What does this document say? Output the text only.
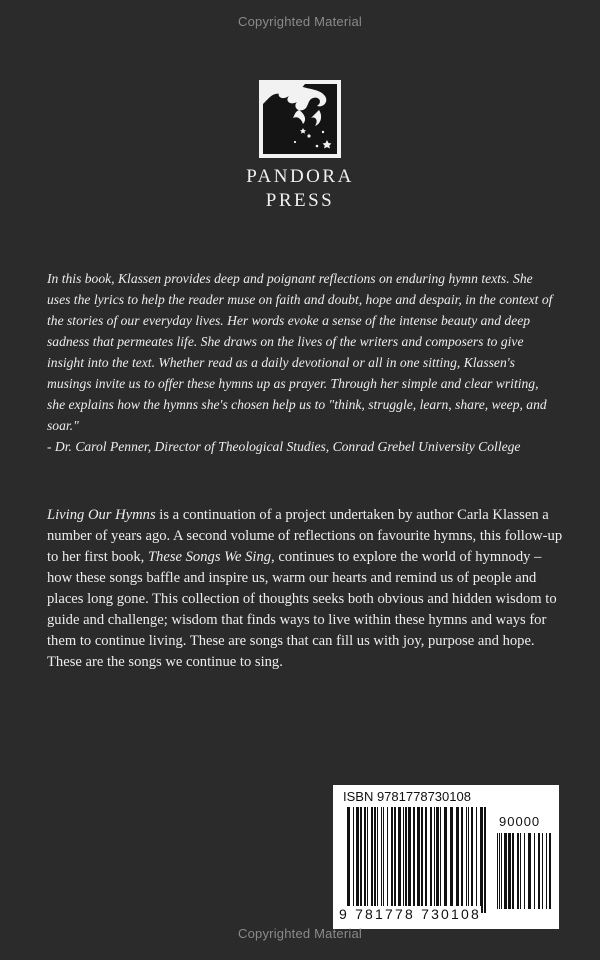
Copyrighted Material
PANDORA
PRESS

In this book, Klassen provides deep and poignant reflections on enduring hymn texts. She uses the lyrics to help the reader muse on faith and doubt, hope and despair, in the context of the stories of our everyday lives. Her words evoke a sense of the intense beauty and deep sadness that permeates life. She draws on the lives of the writers and composers to give insight into the text. Whether read as a daily devotional or all in one sitting, Klassen's musings invite us to offer these hymns up as prayer. Through her simple and clear writing, she explains how the hymns she's chosen help us to "think, struggle, learn, share, weep, and soar."
- Dr. Carol Penner, Director of Theological Studies, Conrad Grebel University College

Living Our Hymns is a continuation of a project undertaken by author Carla Klassen a number of years ago. A second volume of reflections on favourite hymns, this follow-up to her first book, These Songs We Sing, continues to explore the world of hymnody – how these songs baffle and inspire us, warm our hearts and remind us of people and places long gone. This collection of thoughts seeks both obvious and hidden wisdom to guide and challenge; wisdom that finds ways to live within these hymns and ways for them to continue living. These are songs that can fill us with joy, purpose and hope. These are the songs we continue to sing.

ISBN 9781778730108
90000
9 781778 730108
Copyrighted Material
